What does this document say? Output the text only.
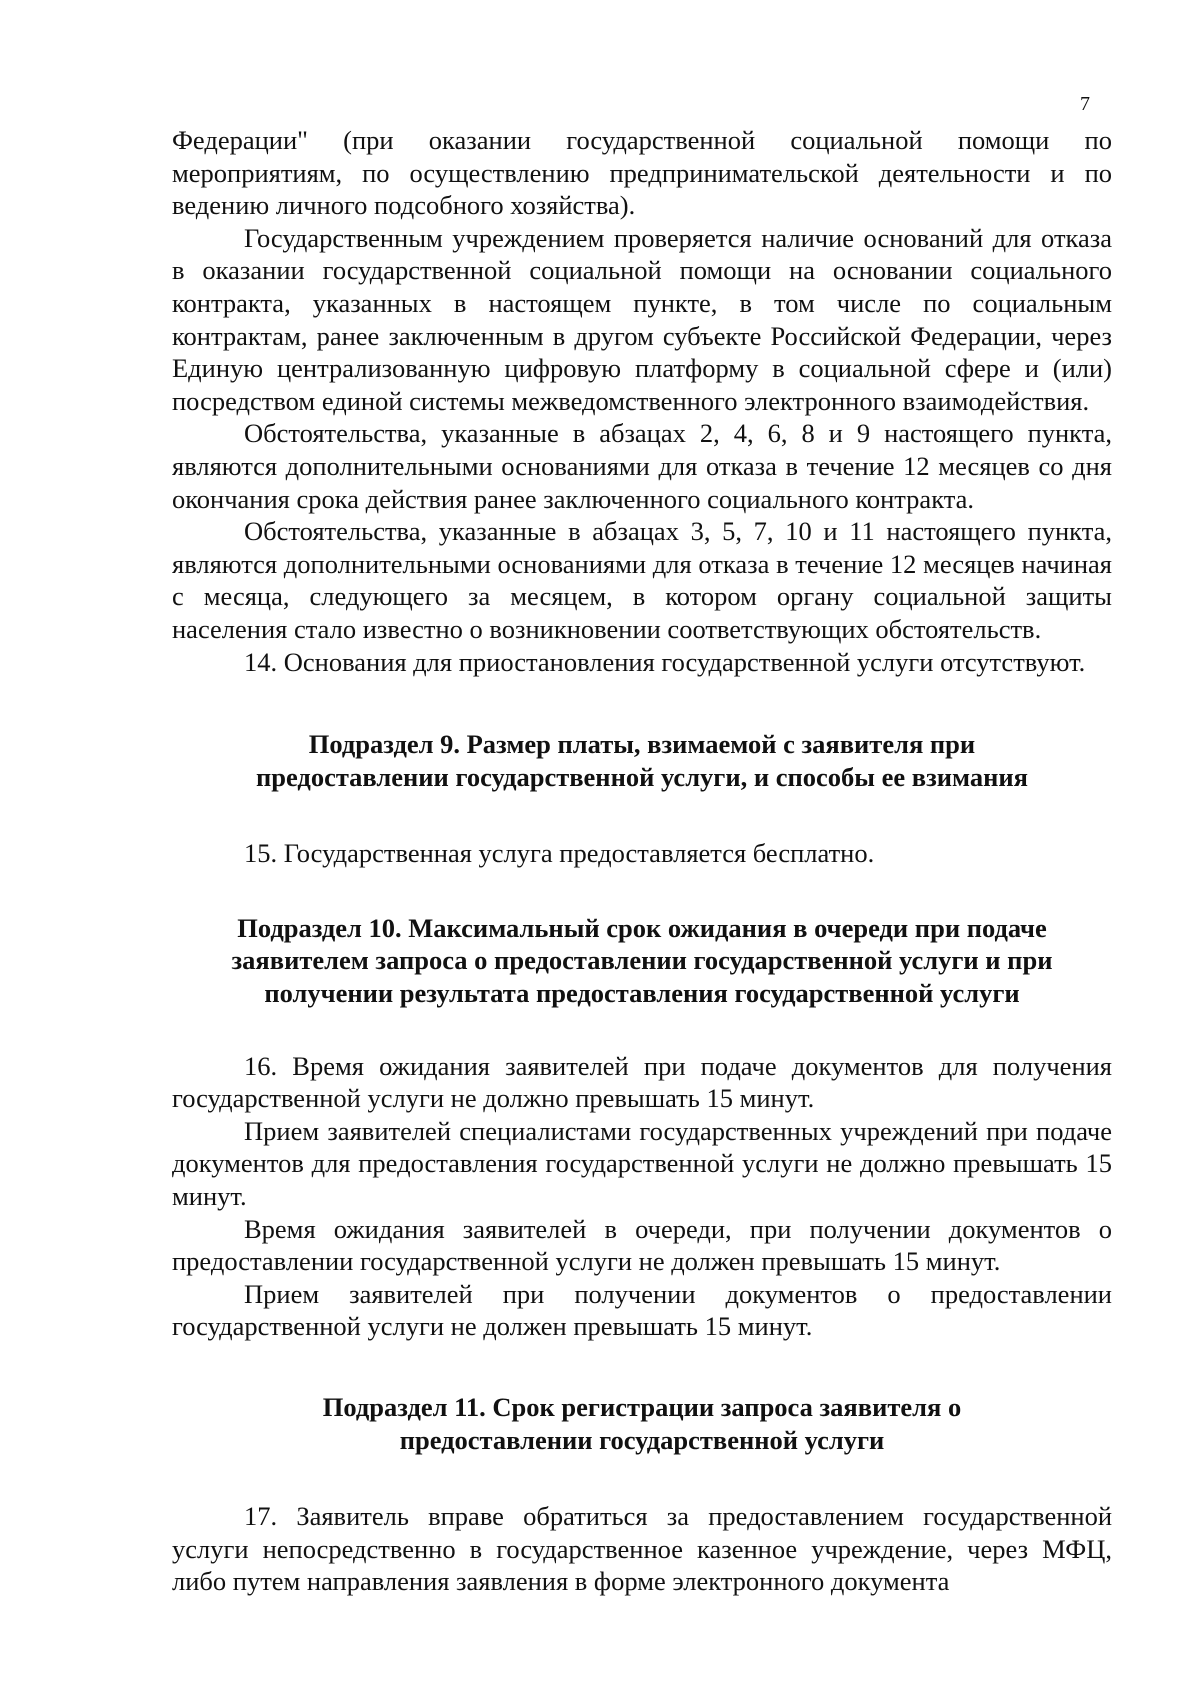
7

Федерации" (при оказании государственной социальной помощи по мероприятиям, по осуществлению предпринимательской деятельности и по ведению личного подсобного хозяйства).

Государственным учреждением проверяется наличие оснований для отказа в оказании государственной социальной помощи на основании социального контракта, указанных в настоящем пункте, в том числе по социальным контрактам, ранее заключенным в другом субъекте Российской Федерации, через Единую централизованную цифровую платформу в социальной сфере и (или) посредством единой системы межведомственного электронного взаимодействия.

Обстоятельства, указанные в абзацах 2, 4, 6, 8 и 9 настоящего пункта, являются дополнительными основаниями для отказа в течение 12 месяцев со дня окончания срока действия ранее заключенного социального контракта.

Обстоятельства, указанные в абзацах 3, 5, 7, 10 и 11 настоящего пункта, являются дополнительными основаниями для отказа в течение 12 месяцев начиная с месяца, следующего за месяцем, в котором органу социальной защиты населения стало известно о возникновении соответствующих обстоятельств.

14. Основания для приостановления государственной услуги отсутствуют.

Подраздел 9. Размер платы, взимаемой с заявителя при
предоставлении государственной услуги, и способы ее взимания

15. Государственная услуга предоставляется бесплатно.

Подраздел 10. Максимальный срок ожидания в очереди при подаче
заявителем запроса о предоставлении государственной услуги и при
получении результата предоставления государственной услуги

16. Время ожидания заявителей при подаче документов для получения государственной услуги не должно превышать 15 минут.

Прием заявителей специалистами государственных учреждений при подаче документов для предоставления государственной услуги не должно превышать 15 минут.

Время ожидания заявителей в очереди, при получении документов о предоставлении государственной услуги не должен превышать 15 минут.

Прием заявителей при получении документов о предоставлении государственной услуги не должен превышать 15 минут.

Подраздел 11. Срок регистрации запроса заявителя о
предоставлении государственной услуги

17. Заявитель вправе обратиться за предоставлением государственной услуги непосредственно в государственное казенное учреждение, через МФЦ, либо путем направления заявления в форме электронного документа
